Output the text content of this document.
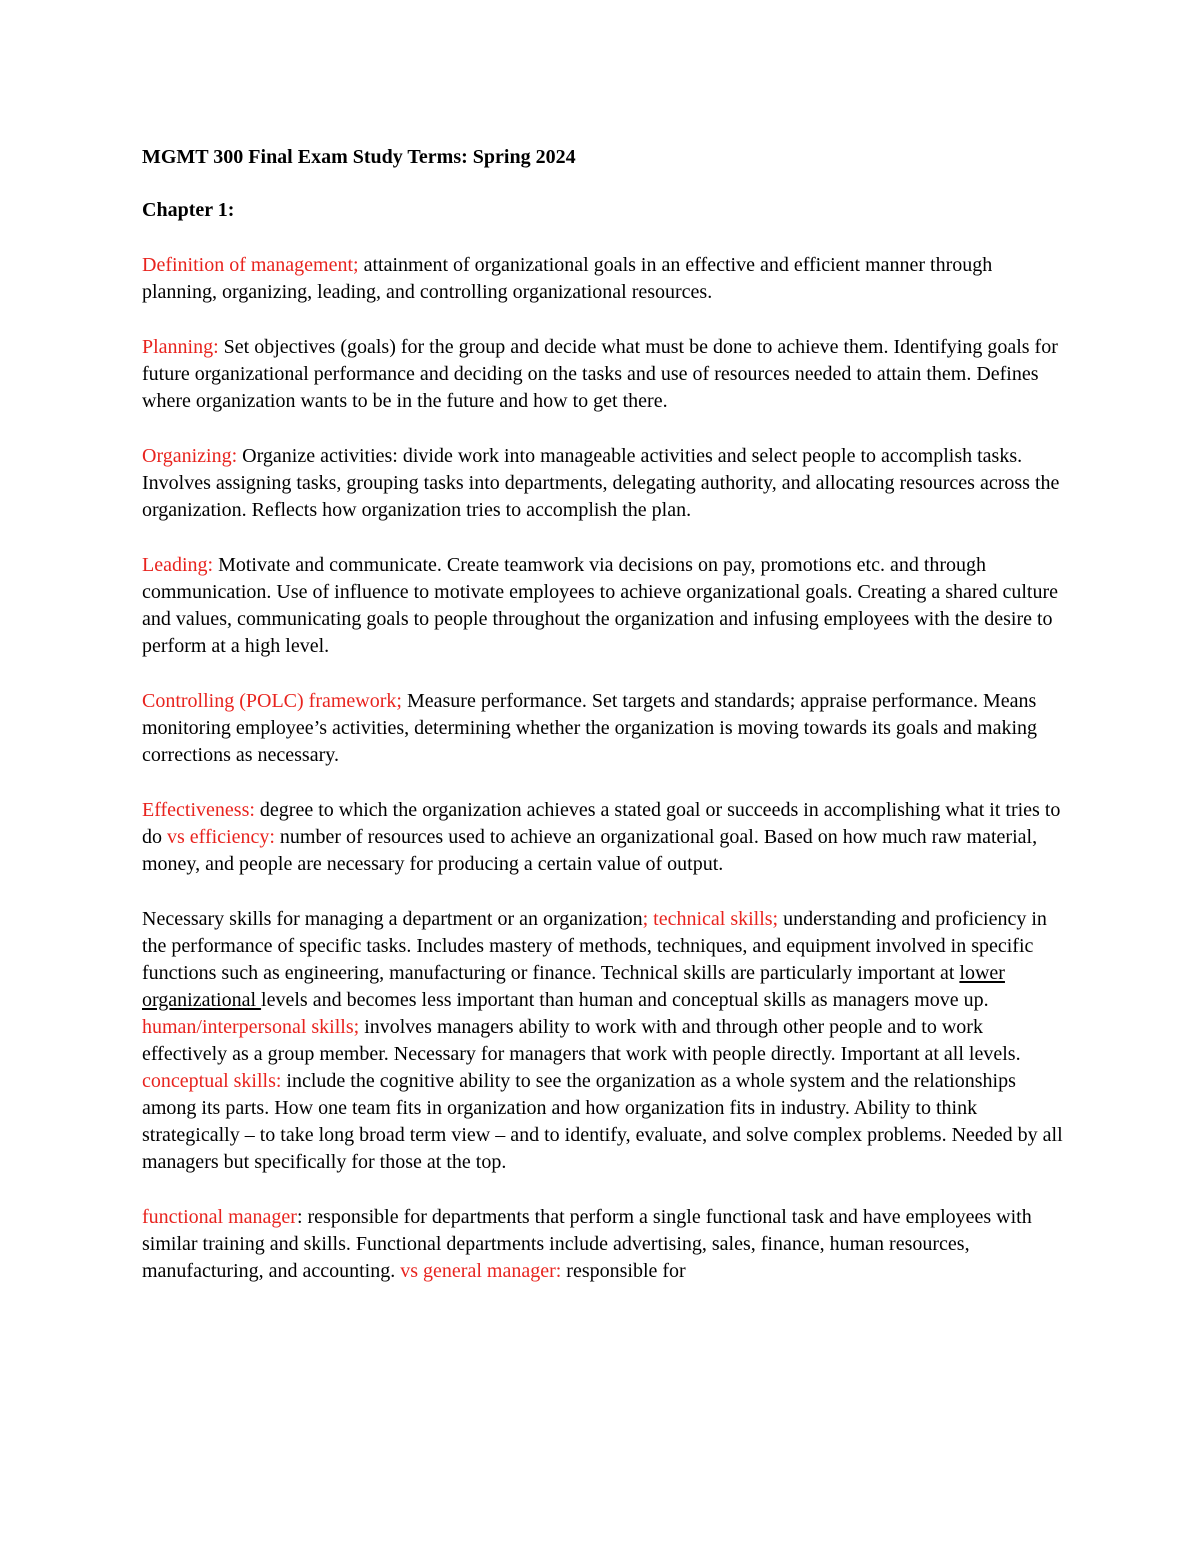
MGMT 300 Final Exam Study Terms: Spring 2024
Chapter 1:
Definition of management; attainment of organizational goals in an effective and efficient manner through planning, organizing, leading, and controlling organizational resources.
Planning: Set objectives (goals) for the group and decide what must be done to achieve them. Identifying goals for future organizational performance and deciding on the tasks and use of resources needed to attain them. Defines where organization wants to be in the future and how to get there.
Organizing: Organize activities: divide work into manageable activities and select people to accomplish tasks. Involves assigning tasks, grouping tasks into departments, delegating authority, and allocating resources across the organization. Reflects how organization tries to accomplish the plan.
Leading: Motivate and communicate. Create teamwork via decisions on pay, promotions etc. and through communication. Use of influence to motivate employees to achieve organizational goals. Creating a shared culture and values, communicating goals to people throughout the organization and infusing employees with the desire to perform at a high level.
Controlling (POLC) framework; Measure performance. Set targets and standards; appraise performance. Means monitoring employee’s activities, determining whether the organization is moving towards its goals and making corrections as necessary.
Effectiveness: degree to which the organization achieves a stated goal or succeeds in accomplishing what it tries to do vs efficiency: number of resources used to achieve an organizational goal. Based on how much raw material, money, and people are necessary for producing a certain value of output.
Necessary skills for managing a department or an organization; technical skills; understanding and proficiency in the performance of specific tasks. Includes mastery of methods, techniques, and equipment involved in specific functions such as engineering, manufacturing or finance. Technical skills are particularly important at lower organizational levels and becomes less important than human and conceptual skills as managers move up. human/interpersonal skills; involves managers ability to work with and through other people and to work effectively as a group member. Necessary for managers that work with people directly. Important at all levels. conceptual skills: include the cognitive ability to see the organization as a whole system and the relationships among its parts. How one team fits in organization and how organization fits in industry. Ability to think strategically – to take long broad term view – and to identify, evaluate, and solve complex problems. Needed by all managers but specifically for those at the top.
functional manager: responsible for departments that perform a single functional task and have employees with similar training and skills. Functional departments include advertising, sales, finance, human resources, manufacturing, and accounting. vs general manager: responsible for
